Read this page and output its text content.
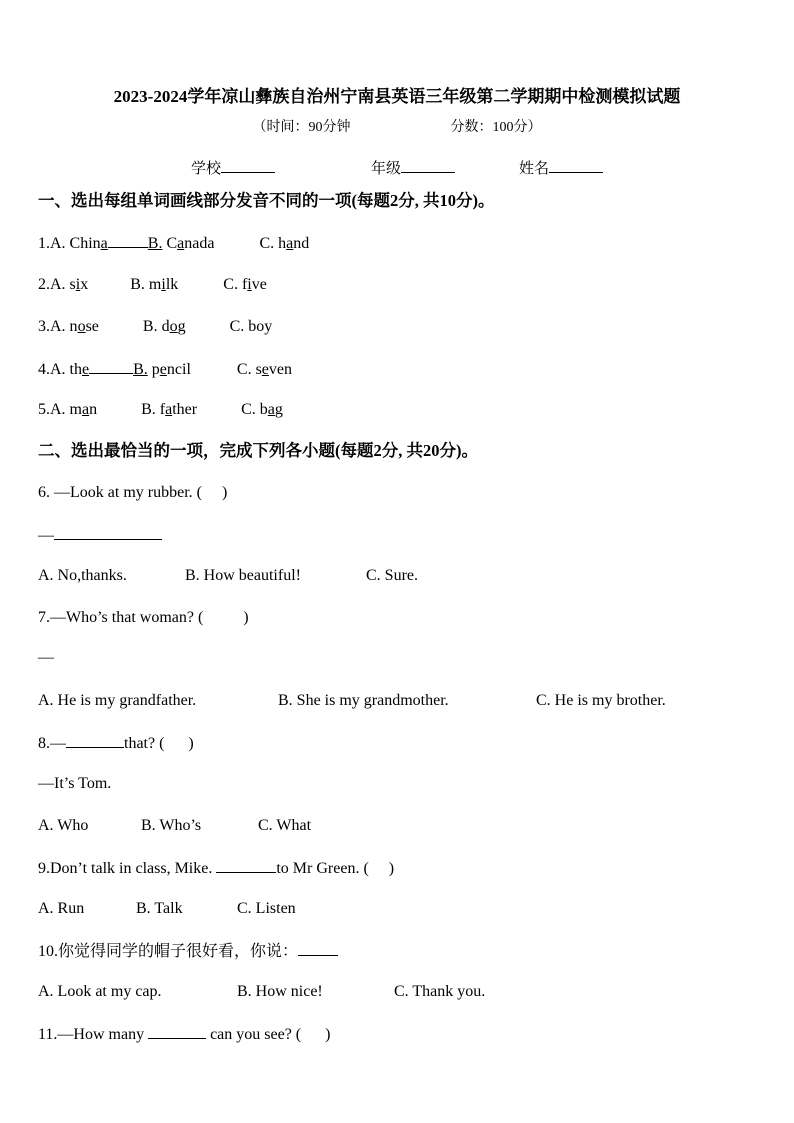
2023-2024学年凉山彝族自治州宁南县英语三年级第二学期期中检测模拟试题
（时间：90分钟	分数：100分）
学校	年级	姓名
一、选出每组单词画线部分发音不同的一项(每题2分, 共10分)。
1.A. China	B. Canada	C. hand
2.A. six	B. milk	C. five
3.A. nose	B. dog	C. boy
4.A. the	B. pencil	C. seven
5.A. man	B. father	C. bag
二、选出最恰当的一项，完成下列各小题(每题2分, 共20分)。
6. —Look at my rubber. (     )
—
A. No,thanks.	B. How beautiful!	C. Sure.
7.—Who’s that woman? (          )
—
A. He is my grandfather.	B. She is my grandmother.	C. He is my brother.
8.—	that? (      )
—It’s Tom.
A. Who	B. Who’s	C. What
9.Don’t talk in class, Mike.	to Mr Green. (     )
A. Run	B. Talk	C. Listen
10.你觉得同学的帽子很好看，你说：
A. Look at my cap.	B. How nice!	C. Thank you.
11.—How many	can you see? (      )
